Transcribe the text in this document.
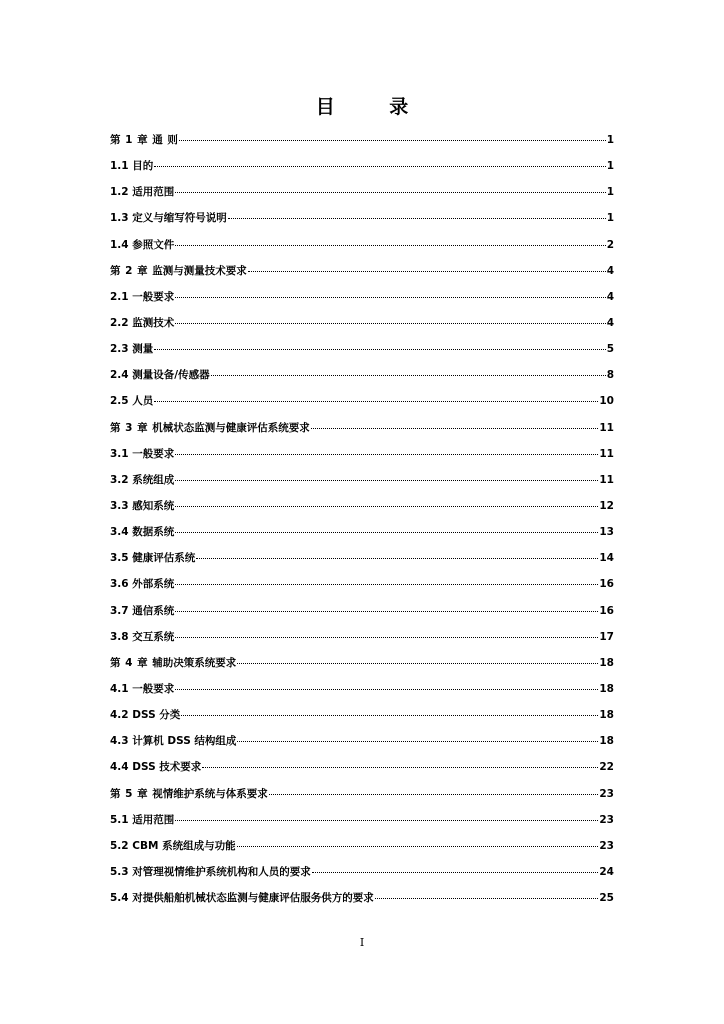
目 录
第 1 章 通 则	1
1.1 目的	1
1.2 适用范围	1
1.3 定义与缩写符号说明	1
1.4 参照文件	2
第 2 章 监测与测量技术要求	4
2.1 一般要求	4
2.2 监测技术	4
2.3 测量	5
2.4 测量设备/传感器	8
2.5 人员	10
第 3 章 机械状态监测与健康评估系统要求	11
3.1 一般要求	11
3.2 系统组成	11
3.3 感知系统	12
3.4 数据系统	13
3.5 健康评估系统	14
3.6 外部系统	16
3.7 通信系统	16
3.8 交互系统	17
第 4 章 辅助决策系统要求	18
4.1 一般要求	18
4.2 DSS 分类	18
4.3 计算机 DSS 结构组成	18
4.4 DSS 技术要求	22
第 5 章 视情维护系统与体系要求	23
5.1 适用范围	23
5.2 CBM 系统组成与功能	23
5.3 对管理视情维护系统机构和人员的要求	24
5.4 对提供船舶机械状态监测与健康评估服务供方的要求	25
I
